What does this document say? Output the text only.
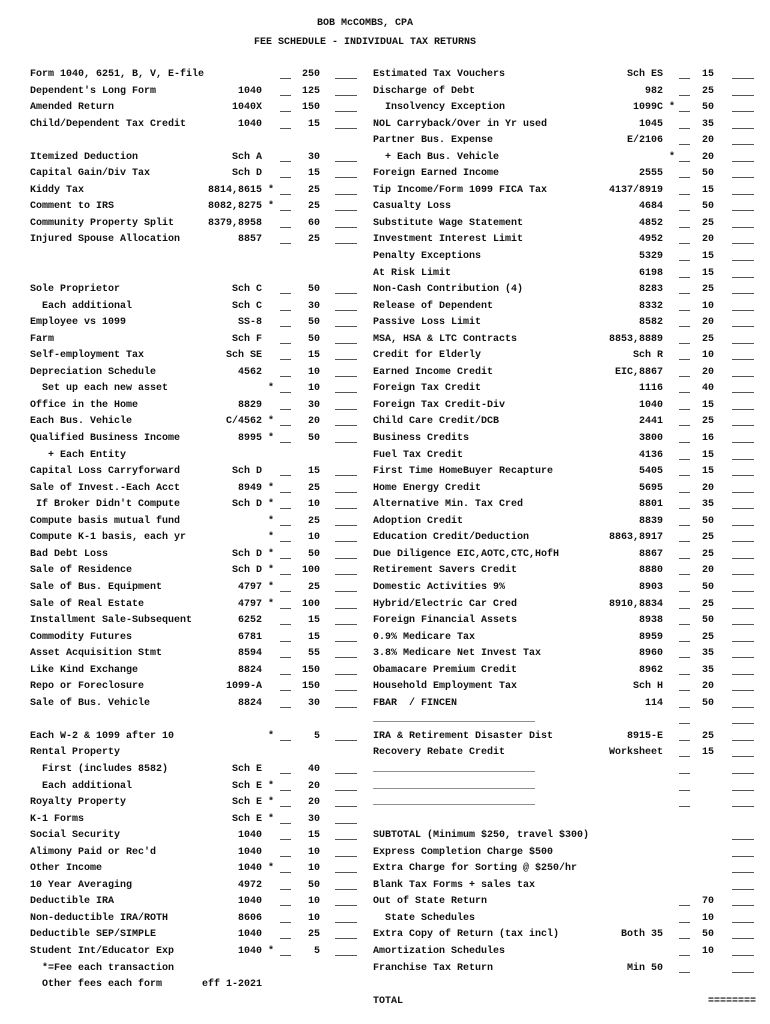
BOB McCOMBS, CPA
FEE SCHEDULE - INDIVIDUAL TAX RETURNS
Form 1040, 6251, B, V, E-file	250
Dependent's Long Form	1040	125
Amended Return	1040X	150
Child/Dependent Tax Credit	1040	15
Itemized Deduction	Sch A	30
Capital Gain/Div Tax	Sch D	15
Kiddy Tax	8814,8615 *	25
Comment to IRS	8082,8275 *	25
Community Property Split	8379,8958	60
Injured Spouse Allocation	8857	25
Sole Proprietor	Sch C	50
Each additional	Sch C	30
Employee vs 1099	SS-8	50
Farm	Sch F	50
Self-employment Tax	Sch SE	15
Depreciation Schedule	4562	10
Set up each new asset	*	10
Office in the Home	8829	30
Each Bus. Vehicle	C/4562 *	20
Qualified Business Income	8995 *	50
+ Each Entity
Capital Loss Carryforward	Sch D	15
Sale of Invest.-Each Acct	8949 *	25
If Broker Didn't Compute	Sch D *	10
Compute basis mutual fund	*	25
Compute K-1 basis, each yr	*	10
Bad Debt Loss	Sch D *	50
Sale of Residence	Sch D *	100
Sale of Bus. Equipment	4797 *	25
Sale of Real Estate	4797 *	100
Installment Sale-Subsequent	6252	15
Commodity Futures	6781	15
Asset Acquisition Stmt	8594	55
Like Kind Exchange	8824	150
Repo or Foreclosure	1099-A	150
Sale of Bus. Vehicle	8824	30
Each W-2 & 1099 after 10	*	5
Rental Property
First (includes 8582)	Sch E	40
Each additional	Sch E *	20
Royalty Property	Sch E *	20
K-1 Forms	Sch E *	30
Social Security	1040	15
Alimony Paid or Rec'd	1040	10
Other Income	1040 *	10
10 Year Averaging	4972	50
Deductible IRA	1040	10
Non-deductible IRA/ROTH	8606	10
Deductible SEP/SIMPLE	1040	25
Student Int/Educator Exp	1040 *	5
*=Fee each transaction
Other fees each form	eff 1-2021
Estimated Tax Vouchers	Sch ES	15
Discharge of Debt	982	25
Insolvency Exception	1099C *	50
NOL Carryback/Over in Yr used	1045	35
Partner Bus. Expense	E/2106	20
+ Each Bus. Vehicle	*	20
Foreign Earned Income	2555	50
Tip Income/Form 1099 FICA Tax	4137/8919	15
Casualty Loss	4684	50
Substitute Wage Statement	4852	25
Investment Interest Limit	4952	20
Penalty Exceptions	5329	15
At Risk Limit	6198	15
Non-Cash Contribution (4)	8283	25
Release of Dependent	8332	10
Passive Loss Limit	8582	20
MSA, HSA & LTC Contracts	8853,8889	25
Credit for Elderly	Sch R	10
Earned Income Credit	EIC,8867	20
Foreign Tax Credit	1116	40
Foreign Tax Credit-Div	1040	15
Child Care Credit/DCB	2441	25
Business Credits	3800	16
Fuel Tax Credit	4136	15
First Time HomeBuyer Recapture	5405	15
Home Energy Credit	5695	20
Alternative Min. Tax Cred	8801	35
Adoption Credit	8839	50
Education Credit/Deduction	8863,8917	25
Due Diligence EIC,AOTC,CTC,HofH	8867	25
Retirement Savers Credit	8880	20
Domestic Activities 9%	8903	50
Hybrid/Electric Car Cred	8910,8834	25
Foreign Financial Assets	8938	50
0.9% Medicare Tax	8959	25
3.8% Medicare Net Invest Tax	8960	35
Obamacare Premium Credit	8962	35
Household Employment Tax	Sch H	20
FBAR  / FINCEN	114	50
___________________________
IRA & Retirement Disaster Dist	8915-E	25
Recovery Rebate Credit	Worksheet	15
___________________________
___________________________
___________________________
SUBTOTAL (Minimum $250, travel $300)
Express Completion Charge $500
Extra Charge for Sorting @ $250/hr
Blank Tax Forms + sales tax
Out of State Return	70
State Schedules	10
Extra Copy of Return (tax incl)	Both 35	50
Amortization Schedules	10
Franchise Tax Return	Min 50
TOTAL	========
